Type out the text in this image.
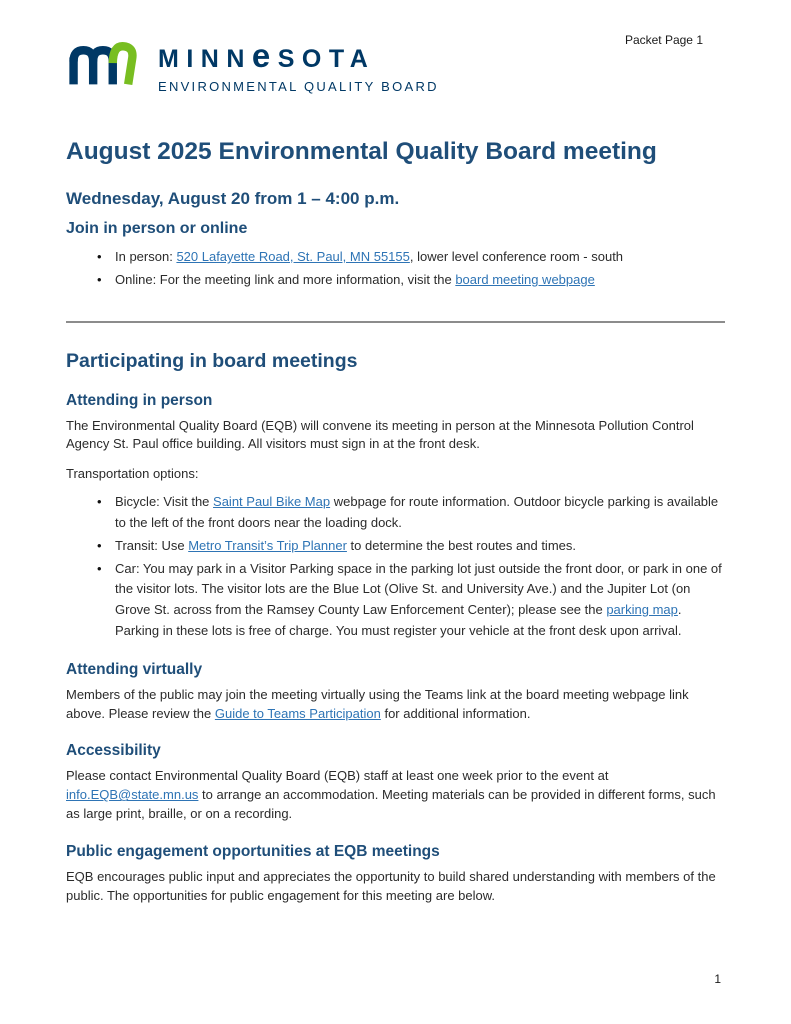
Packet Page 1
MINNeSOTA
ENVIRONMENTAL QUALITY BOARD
August 2025 Environmental Quality Board meeting
Wednesday, August 20 from 1 – 4:00 p.m.
Join in person or online
• In person: 520 Lafayette Road, St. Paul, MN 55155, lower level conference room - south
• Online: For the meeting link and more information, visit the board meeting webpage
Participating in board meetings
Attending in person

The Environmental Quality Board (EQB) will convene its meeting in person at the Minnesota Pollution Control Agency St. Paul office building. All visitors must sign in at the front desk.

Transportation options:

• Bicycle: Visit the Saint Paul Bike Map webpage for route information. Outdoor bicycle parking is available to the left of the front doors near the loading dock.
• Transit: Use Metro Transit’s Trip Planner to determine the best routes and times.
• Car: You may park in a Visitor Parking space in the parking lot just outside the front door, or park in one of the visitor lots. The visitor lots are the Blue Lot (Olive St. and University Ave.) and the Jupiter Lot (on Grove St. across from the Ramsey County Law Enforcement Center); please see the parking map. Parking in these lots is free of charge. You must register your vehicle at the front desk upon arrival.
Attending virtually

Members of the public may join the meeting virtually using the Teams link at the board meeting webpage link above. Please review the Guide to Teams Participation for additional information.

Accessibility

Please contact Environmental Quality Board (EQB) staff at least one week prior to the event at info.EQB@state.mn.us to arrange an accommodation. Meeting materials can be provided in different forms, such as large print, braille, or on a recording.

Public engagement opportunities at EQB meetings

EQB encourages public input and appreciates the opportunity to build shared understanding with members of the public. The opportunities for public engagement for this meeting are below.

1
